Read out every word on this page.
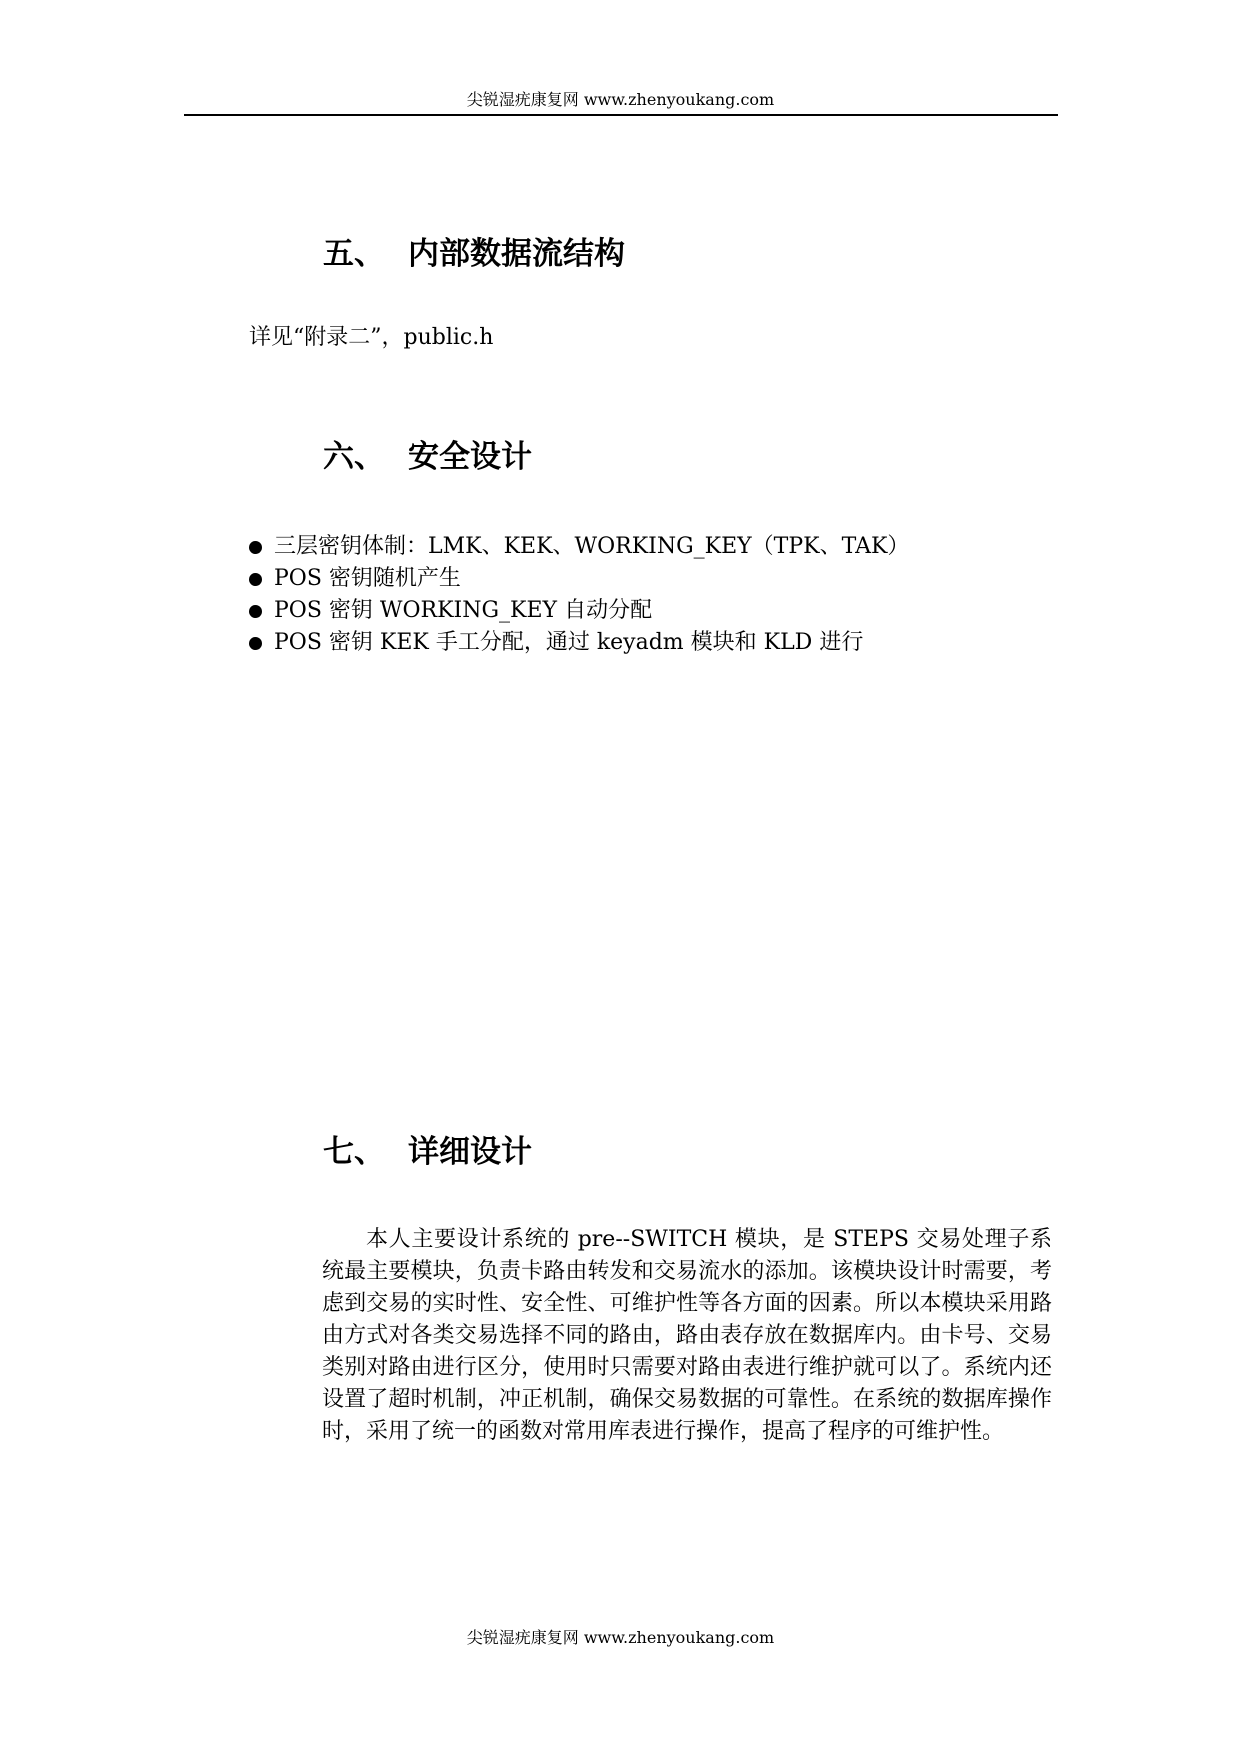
尖锐湿疣康复网 www.zhenyoukang.com
五、 内部数据流结构
详见“附录二”，public.h
六、 安全设计
三层密钥体制：LMK、KEK、WORKING_KEY（TPK、TAK）
POS 密钥随机产生
POS 密钥 WORKING_KEY 自动分配
POS 密钥 KEK 手工分配，通过 keyadm 模块和 KLD 进行
七、 详细设计

本人主要设计系统的 pre--SWITCH 模块，是 STEPS 交易处理子系统最主要模块，负责卡路由转发和交易流水的添加。该模块设计时需要，考虑到交易的实时性、安全性、可维护性等各方面的因素。所以本模块采用路由方式对各类交易选择不同的路由，路由表存放在数据库内。由卡号、交易类别对路由进行区分，使用时只需要对路由表进行维护就可以了。系统内还设置了超时机制，冲正机制，确保交易数据的可靠性。在系统的数据库操作时，采用了统一的函数对常用库表进行操作，提高了程序的可维护性。

尖锐湿疣康复网 www.zhenyoukang.com
